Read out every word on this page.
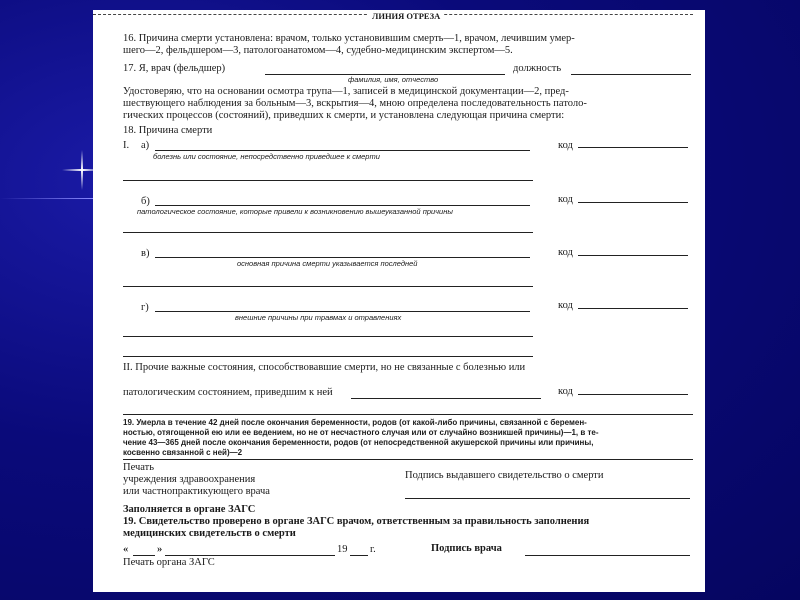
ЛИНИЯ ОТРЕЗА
16. Причина смерти установлена: врачом, только установившим смерть—1, врачом, лечившим умер-
шего—2, фельдшером—3, патологоанатомом—4, судебно-медицинским экспертом—5.
17. Я, врач (фельдшер)
фамилия, имя, отчество
должность
Удостоверяю, что на основании осмотра трупа—1, записей в медицинской документации—2, пред-
шествующего наблюдения за больным—3, вскрытия—4, мною определена последовательность патоло-
гических процессов (состояний), приведших к смерти, и установлена следующая причина смерти:
18. Причина смерти
I. а)
болезнь или состояние, непосредственно приведшее к смерти
код
б)
патологическое состояние, которые привели к возникновению вышеуказанной причины
код
в)
основная причина смерти указывается последней
код
г)
внешние причины при травмах и отравлениях
код
II. Прочие важные состояния, способствовавшие смерти, но не связанные с болезнью или
патологическим состоянием, приведшим к ней	код
19. Умерла в течение 42 дней после окончания беременности, родов (от какой-либо причины, связанной с беремен-
ностью, отягощенной ею или ее ведением, но не от несчастного случая или от случайно возникшей причины)—1, в те-
чение 43—365 дней после окончания беременности, родов (от непосредственной акушерской причины или причины,
косвенно связанной с ней)—2
Печать
учреждения здравоохранения
или частнопрактикующего врача
Подпись выдавшего свидетельство о смерти
Заполняется в органе ЗАГС
19. Свидетельство проверено в органе ЗАГС врачом, ответственным за правильность заполнения
медицинских свидетельств о смерти
«	»	19 г.	Подпись врача
Печать органа ЗАГС
